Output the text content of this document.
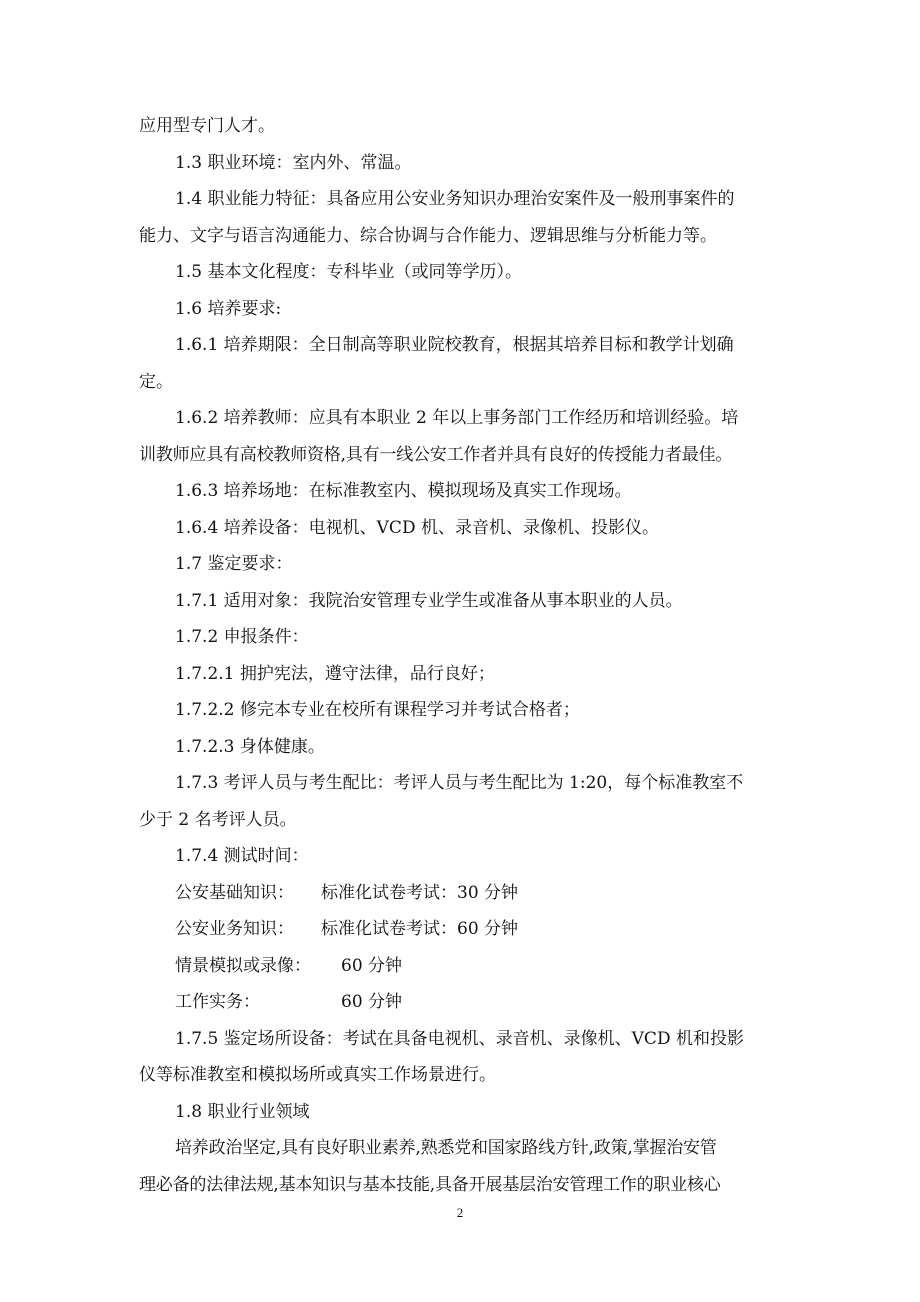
应用型专门人才。

1.3 职业环境：室内外、常温。

1.4 职业能力特征：具备应用公安业务知识办理治安案件及一般刑事案件的

能力、文字与语言沟通能力、综合协调与合作能力、逻辑思维与分析能力等。

1.5 基本文化程度：专科毕业（或同等学历）。

1.6 培养要求:

1.6.1 培养期限：全日制高等职业院校教育，根据其培养目标和教学计划确

定。

1.6.2 培养教师：应具有本职业 2 年以上事务部门工作经历和培训经验。培

训教师应具有高校教师资格,具有一线公安工作者并具有良好的传授能力者最佳。

1.6.3 培养场地：在标准教室内、模拟现场及真实工作现场。

1.6.4 培养设备：电视机、VCD 机、录音机、录像机、投影仪。

1.7 鉴定要求：

1.7.1 适用对象：我院治安管理专业学生或准备从事本职业的人员。

1.7.2 申报条件：

1.7.2.1 拥护宪法，遵守法律，品行良好；

1.7.2.2 修完本专业在校所有课程学习并考试合格者；

1.7.2.3 身体健康。

1.7.3 考评人员与考生配比：考评人员与考生配比为 1:20，每个标准教室不

少于 2 名考评人员。

1.7.4 测试时间：

公安基础知识： 标准化试卷考试：30 分钟

公安业务知识： 标准化试卷考试：60 分钟

情景模拟或录像： 60 分钟

工作实务：	60 分钟

1.7.5 鉴定场所设备：考试在具备电视机、录音机、录像机、VCD 机和投影

仪等标准教室和模拟场所或真实工作场景进行。

1.8 职业行业领域

培养政治坚定,具有良好职业素养,熟悉党和国家路线方针,政策,掌握治安管

理必备的法律法规,基本知识与基本技能,具备开展基层治安管理工作的职业核心

2
